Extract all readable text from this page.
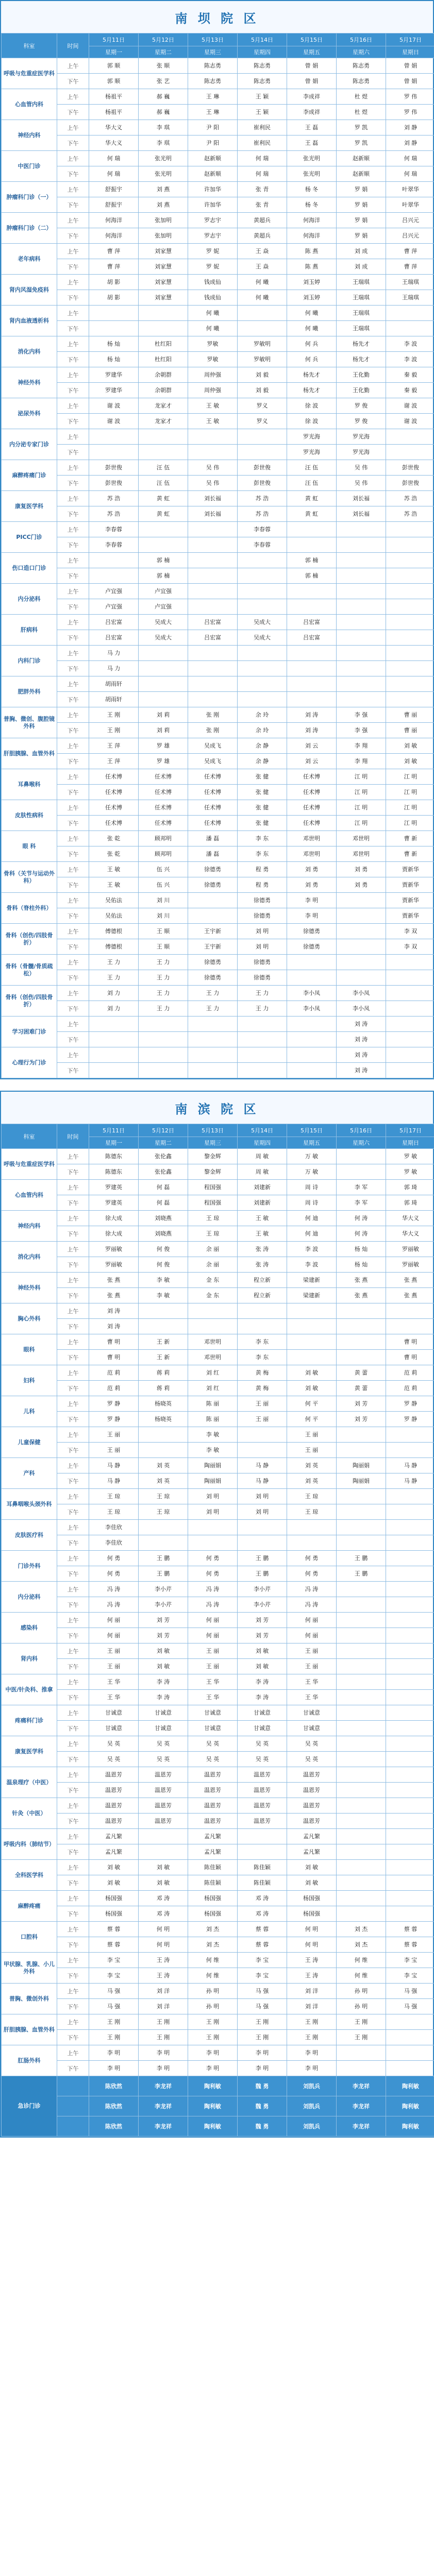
南 坝 院 区
科室	时间	5月11日	5月12日	5月13日	5月14日	5月15日	5月16日	5月17日
		星期一	星期二	星期三	星期四	星期五	星期六	星期日
呼吸与危重症医学科	上午	郭 顺	张 顺	陈志勇	陈志勇	曾 娟	陈志勇	曾 娟
	下午	郭 顺	张 艺	陈志勇	陈志勇	曾 娟	陈志勇	曾 娟
心血管内科	上午	杨祖平	郝 巍	王 琳	王 颖	李成祥	杜 煜	罗 伟
	下午	杨祖平	郝 巍	王 琳	王 颖	李成祥	杜 煜	罗 伟
神经内科	上午	华大义	李 琪	尹 阳	崔利民	王 磊	罗 凯	刘 静
	下午	华大义	李 琪	尹 阳	崔利民	王 磊	罗 凯	刘 静
中医门诊	上午	何 瑞	张光明	赵新顺	何 瑞	张光明	赵新顺	何 瑞
	下午	何 瑞	张光明	赵新顺	何 瑞	张光明	赵新顺	何 瑞
肿瘤科门诊（一）	上午	舒振宇	刘 燕	许加华	张 青	杨 冬	罗 娟	叶翠华
	下午	舒振宇	刘 燕	许加华	张 青	杨 冬	罗 娟	叶翠华
肿瘤科门诊（二）	上午	何海洋	张加明	罗志宇	黄超兵	何海洋	罗 娟	吕兴元
	下午	何海洋	张加明	罗志宇	黄超兵	何海洋	罗 娟	吕兴元
老年病科	上午	曹 萍	刘家慧	罗 妮	王 焱	陈 燕	刘 成	曹 萍
	下午	曹 萍	刘家慧	罗 妮	王 焱	陈 燕	刘 成	曹 萍
肾内风湿免疫科	上午	胡 影	刘家慧	钱成仙	何 曦	刘玉婷	王瑞琪	王瑞琪
	下午	胡 影	刘家慧	钱成仙	何 曦	刘玉婷	王瑞琪	王瑞琪
肾内血液透析科	上午			何 曦		何 曦	王瑞琪	
	下午			何 曦		何 曦	王瑞琪	
消化内科	上午	杨 灿	杜红阳	罗敏	罗敏明	何 兵	杨先才	李 波
	下午	杨 灿	杜红阳	罗敏	罗敏明	何 兵	杨先才	李 波
神经外科	上午	罗建华	余朝群	周仲强	刘 毅	杨先才	王化勤	秦 毅
	下午	罗建华	余朝群	周仲强	刘 毅	杨先才	王化勤	秦 毅
泌尿外科	上午	谢 波	龙家才	王 敏	罗义	徐 波	罗 俊	谢 波
	下午	谢 波	龙家才	王 敏	罗义	徐 波	罗 俊	谢 波
内分泌专家门诊	上午					罗光海	罗光海	
	下午					罗光海	罗光海	
麻醉疼痛门诊	上午	彭世俊	汪 伍	吴 伟	彭世俊	汪 伍	吴 伟	彭世俊
	下午	彭世俊	汪 伍	吴 伟	彭世俊	汪 伍	吴 伟	彭世俊
康复医学科	上午	苏 浩	黄 虹	刘长福	苏 浩	黄 虹	刘长福	苏 浩
	下午	苏 浩	黄 虹	刘长福	苏 浩	黄 虹	刘长福	苏 浩
PICC门诊	上午	李春蓉			李春蓉			
	下午	李春蓉			李春蓉			
伤口造口门诊	上午		郭 楠			郭 楠		
	下午		郭 楠			郭 楠		
内分泌科	上午	卢宜强	卢宜强					
	下午	卢宜强	卢宜强					
肝病科	上午	吕宏富	吴成大	吕宏富	吴成大	吕宏富		
	下午	吕宏富	吴成大	吕宏富	吴成大	吕宏富		
内科门诊	上午	马 力						
	下午	马 力						
肥胖外科	上午	胡雨轩						
	下午	胡雨轩						
普胸、微创、腹腔镜外科	上午	王 刚	刘 莉	张 刚	余 玲	刘 涛	李 强	曹 丽
	下午	王 刚	刘 莉	张 刚	余 玲	刘 涛	李 强	曹 丽
肝胆胰腺、血管外科	上午	王 萍	罗 雄	吴成飞	余 静	刘 云	李 翔	刘 敏
	下午	王 萍	罗 雄	吴成飞	余 静	刘 云	李 翔	刘 敏
耳鼻喉科	上午	任术博	任术博	任术博	张 健	任术博	江 明	江 明
	下午	任术博	任术博	任术博	张 健	任术博	江 明	江 明
皮肤性病科	上午	任术博	任术博	任术博	张 健	任术博	江 明	江 明
	下午	任术博	任术博	任术博	张 健	任术博	江 明	江 明
眼 科	上午	张 乾	顾邦明	潘 磊	李 东	邓世明	邓世明	曹 新
	下午	张 乾	顾邦明	潘 磊	李 东	邓世明	邓世明	曹 新
骨科（关节与运动外科）	上午	王 敏	伍 兴	徐德勇	程 勇	刘 勇	刘 勇	贾新华
	下午	王 敏	伍 兴	徐德勇	程 勇	刘 勇	刘 勇	贾新华
骨科（脊柱外科）	上午	吴佑法	刘 川		徐德勇	李 明		贾新华
	下午	吴佑法	刘 川		徐德勇	李 明		贾新华
骨科（创伤/四肢骨折）	上午	傅德根	王 顺	王宇新	刘 明	徐德勇		李 双
	下午	傅德根	王 顺	王宇新	刘 明	徐德勇		李 双
骨科（骨髓/骨质疏松）	上午	王 力	王 力	徐德勇	徐德勇			
	下午	王 力	王 力	徐德勇	徐德勇			
骨科（创伤/四肢骨折）	上午	刘 力	王 力	王 力	王 力	李小凤	李小凤	
	下午	刘 力	王 力	王 力	王 力	李小凤	李小凤	
学习困难门诊	上午						刘 涛	
	下午						刘 涛	
心理行为门诊	上午						刘 涛	
	下午						刘 涛	
南 滨 院 区
科室	时间	5月11日	5月12日	5月13日	5月14日	5月15日	5月16日	5月17日
		星期一	星期二	星期三	星期四	星期五	星期六	星期日
呼吸与危重症医学科	上午	陈德东	张伦鑫	黎金辉	周 敏	万 敏		罗 敏
	下午	陈德东	张伦鑫	黎金辉	周 敏	万 敏		罗 敏
心血管内科	上午	罗建英	何 磊	程国强	刘建新	周 诗	李 军	郭 琦
	下午	罗建英	何 磊	程国强	刘建新	周 诗	李 军	郭 琦
神经内科	上午	徐大成	刘晓燕	王 琼	王 敏	何 迪	何 涛	华大义
	下午	徐大成	刘晓燕	王 琼	王 敏	何 迪	何 涛	华大义
消化内科	上午	罗丽敏	何 俊	余 丽	张 涛	李 波	杨 灿	罗丽敏
	下午	罗丽敏	何 俊	余 丽	张 涛	李 波	杨 灿	罗丽敏
神经外科	上午	张 燕	李 敏	金 东	程立新	梁建新	张 燕	张 燕
	下午	张 燕	李 敏	金 东	程立新	梁建新	张 燕	张 燕
胸心外科	上午	刘 涛						
	下午	刘 涛						
眼科	上午	曹 明	王 新	邓世明	李 东			曹 明
	下午	曹 明	王 新	邓世明	李 东			曹 明
妇科	上午	范 莉	蒋 莉	刘 红	黄 梅	刘 敏	黄 蕾	范 莉
	下午	范 莉	蒋 莉	刘 红	黄 梅	刘 敏	黄 蕾	范 莉
儿科	上午	罗 静	杨晓英	陈 丽	王 丽	何 平	刘 芳	罗 静
	下午	罗 静	杨晓英	陈 丽	王 丽	何 平	刘 芳	罗 静
儿童保健	上午	王 丽		李 敏		王 丽		
	下午	王 丽		李 敏		王 丽		
产科	上午	马 静	刘 英	陶丽娟	马 静	刘 英	陶丽娟	马 静
	下午	马 静	刘 英	陶丽娟	马 静	刘 英	陶丽娟	马 静
耳鼻咽喉头颈外科	上午	王 琼	王 琼	刘 明	刘 明	王 琼		
	下午	王 琼	王 琼	刘 明	刘 明	王 琼		
皮肤医疗科	上午	李佳欣						
	下午	李佳欣						
门诊外科	上午	何 勇	王 鹏	何 勇	王 鹏	何 勇	王 鹏	
	下午	何 勇	王 鹏	何 勇	王 鹏	何 勇	王 鹏	
内分泌科	上午	冯 涛	李小芹	冯 涛	李小芹	冯 涛		
	下午	冯 涛	李小芹	冯 涛	李小芹	冯 涛		
感染科	上午	何 丽	刘 芳	何 丽	刘 芳	何 丽		
	下午	何 丽	刘 芳	何 丽	刘 芳	何 丽		
肾内科	上午	王 丽	刘 敏	王 丽	刘 敏	王 丽		
	下午	王 丽	刘 敏	王 丽	刘 敏	王 丽		
中医/针灸科、推拿	上午	王 华	李 涛	王 华	李 涛	王 华		
	下午	王 华	李 涛	王 华	李 涛	王 华		
疼痛科门诊	上午	甘诚意	甘诚意	甘诚意	甘诚意	甘诚意		
	下午	甘诚意	甘诚意	甘诚意	甘诚意	甘诚意		
康复医学科	上午	吴 英	吴 英	吴 英	吴 英	吴 英		
	下午	吴 英	吴 英	吴 英	吴 英	吴 英		
温泉理疗（中医）	上午	温恩芳	温恩芳	温恩芳	温恩芳	温恩芳		
	下午	温恩芳	温恩芳	温恩芳	温恩芳	温恩芳		
针灸（中医）	上午	温恩芳	温恩芳	温恩芳	温恩芳	温恩芳		
	下午	温恩芳	温恩芳	温恩芳	温恩芳	温恩芳		
呼吸内科（肺结节）	上午	孟凡繁		孟凡繁		孟凡繁		
	下午	孟凡繁		孟凡繁		孟凡繁		
全科医学科	上午	刘 敏	刘 敏	陈佳颖	陈佳颖	刘 敏		
	下午	刘 敏	刘 敏	陈佳颖	陈佳颖	刘 敏		
麻醉疼痛	上午	杨国强	邓 涛	杨国强	邓 涛	杨国强		
	下午	杨国强	邓 涛	杨国强	邓 涛	杨国强		
口腔科	上午	蔡 蓉	何 明	刘 杰	蔡 蓉	何 明	刘 杰	蔡 蓉
	下午	蔡 蓉	何 明	刘 杰	蔡 蓉	何 明	刘 杰	蔡 蓉
甲状腺、乳腺、小儿外科	上午	李 宝	王 涛	何 维	李 宝	王 涛	何 维	李 宝
	下午	李 宝	王 涛	何 维	李 宝	王 涛	何 维	李 宝
普胸、微创外科	上午	马 强	刘 洋	孙 明	马 强	刘 洋	孙 明	马 强
	下午	马 强	刘 洋	孙 明	马 强	刘 洋	孙 明	马 强
肝胆胰腺、血管外科	上午	王 刚	王 刚	王 刚	王 刚	王 刚	王 刚	
	下午	王 刚	王 刚	王 刚	王 刚	王 刚	王 刚	
肛肠外科	上午	李 明	李 明	李 明	李 明	李 明		
	下午	李 明	李 明	李 明	李 明	李 明		
急诊门诊		陈欣然	李龙祥	陶利敏	魏 勇	刘凯兵	李龙祥	陶利敏
		陈欣然	李龙祥	陶利敏	魏 勇	刘凯兵	李龙祥	陶利敏
		陈欣然	李龙祥	陶利敏	魏 勇	刘凯兵	李龙祥	陶利敏
